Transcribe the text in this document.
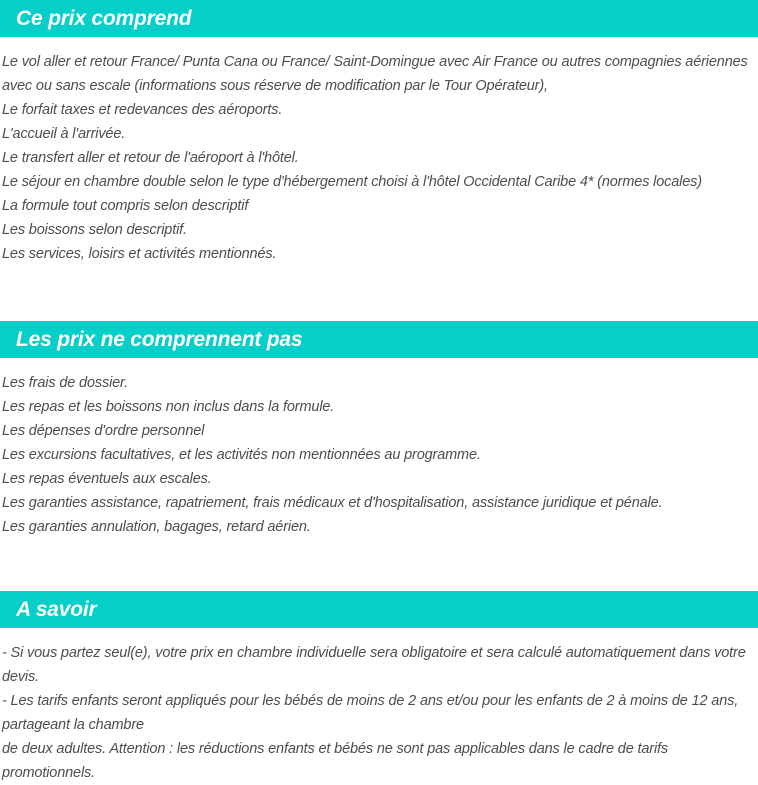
Ce prix comprend
Le vol aller et retour France/ Punta Cana ou France/ Saint-Domingue avec Air France ou autres compagnies aériennes avec ou sans escale (informations sous réserve de modification par le Tour Opérateur),
Le forfait taxes et redevances des aéroports.
L'accueil à l'arrivée.
Le transfert aller et retour de l'aéroport à l'hôtel.
Le séjour en chambre double selon le type d'hébergement choisi à l'hôtel Occidental Caribe 4* (normes locales)
La formule tout compris selon descriptif
Les boissons selon descriptif.
Les services, loisirs et activités mentionnés.
Les prix ne comprennent pas
Les frais de dossier.
Les repas et les boissons non inclus dans la formule.
Les dépenses d'ordre personnel
Les excursions facultatives, et les activités non mentionnées au programme.
Les repas éventuels aux escales.
Les garanties assistance, rapatriement, frais médicaux et d'hospitalisation, assistance juridique et pénale.
Les garanties annulation, bagages, retard aérien.
A savoir
- Si vous partez seul(e), votre prix en chambre individuelle sera obligatoire et sera calculé automatiquement dans votre devis.
- Les tarifs enfants seront appliqués pour les bébés de moins de 2 ans et/ou pour les enfants de 2 à moins de 12 ans, partageant la chambre
de deux adultes. Attention : les réductions enfants et bébés ne sont pas applicables dans le cadre de tarifs promotionnels.
